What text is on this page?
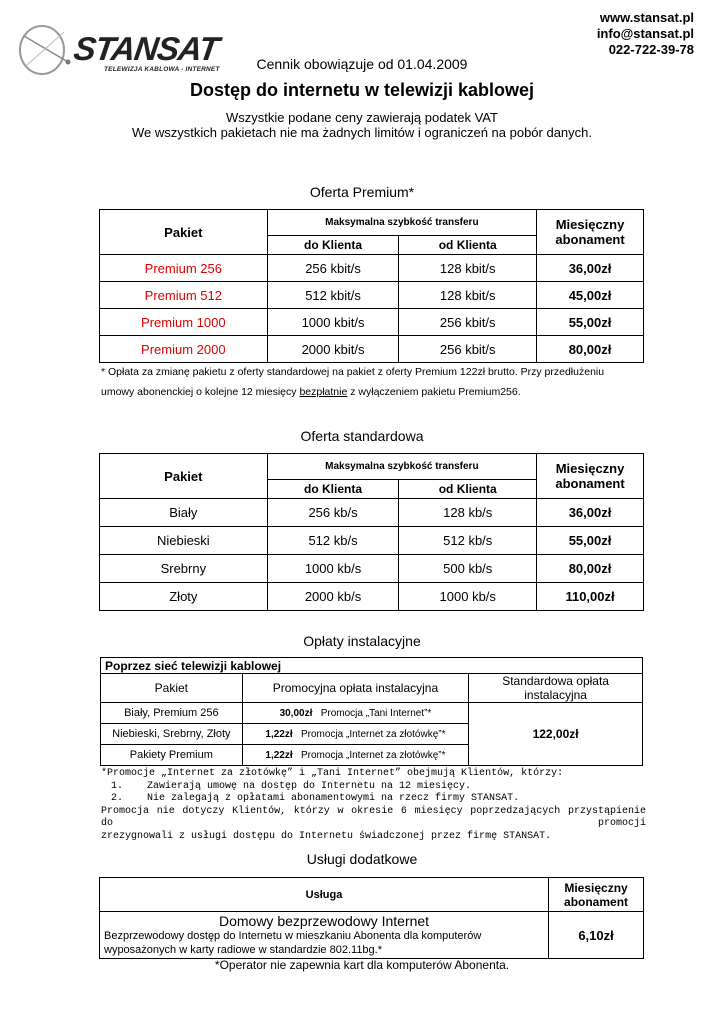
www.stansat.pl
info@stansat.pl
022-722-39-78
STANSAT
TELEWIZJA KABLOWA - INTERNET	Cennik obowiązuje od 01.04.2009
Dostęp do internetu w telewizji kablowej
Wszystkie podane ceny zawierają podatek VAT
We wszystkich pakietach nie ma żadnych limitów i ograniczeń na pobór danych.
Oferta Premium*
Pakiet	Maksymalna szybkość transferu		Miesięczny abonament
	do Klienta	od Klienta	
Premium 256	256 kbit/s	128 kbit/s	36,00zł
Premium 512	512 kbit/s	128 kbit/s	45,00zł
Premium 1000	1000 kbit/s	256 kbit/s	55,00zł
Premium 2000	2000 kbit/s	256 kbit/s	80,00zł
* Opłata za zmianę pakietu z oferty standardowej na pakiet z oferty Premium 122zł brutto. Przy przedłużeniu
umowy abonenckiej o kolejne 12 miesięcy bezpłatnie z wyłączeniem pakietu Premium256.
Oferta standardowa
Pakiet	Maksymalna szybkość transferu		Miesięczny abonament
	do Klienta	od Klienta	
Biały	256 kb/s	128 kb/s	36,00zł
Niebieski	512 kb/s	512 kb/s	55,00zł
Srebrny	1000 kb/s	500 kb/s	80,00zł
Złoty	2000 kb/s	1000 kb/s	110,00zł
Opłaty instalacyjne
Poprzez sieć telewizji kablowej		
Pakiet	Promocyjna opłata instalacyjna	Standardowa opłata instalacyjna
Biały, Premium 256	30,00zł Promocja „Tani Internet”*	122,00zł
Niebieski, Srebrny, Złoty	1,22zł Promocja „Internet za złotówkę”*	
Pakiety Premium	1,22zł Promocja „Internet za złotówkę”*	
*Promocje „Internet za złotówkę” i „Tani Internet” obejmują Klientów, którzy:
1.    Zawierają umowę na dostęp do Internetu na 12 miesięcy.
2.    Nie zalegają z opłatami abonamentowymi na rzecz firmy STANSAT.
Promocja nie dotyczy Klientów, którzy w okresie 6 miesięcy poprzedzających przystąpienie do promocji
zrezygnowali z usługi dostępu do Internetu świadczonej przez firmę STANSAT.
Usługi dodatkowe
Usługa	Miesięczny abonament

Domowy bezprzewodowy Internet
Bezprzewodowy dostęp do Internetu w mieszkaniu Abonenta dla komputerów
wyposażonych w karty radiowe w standardzie 802.11bg.*	6,10zł
*Operator nie zapewnia kart dla komputerów Abonenta.
